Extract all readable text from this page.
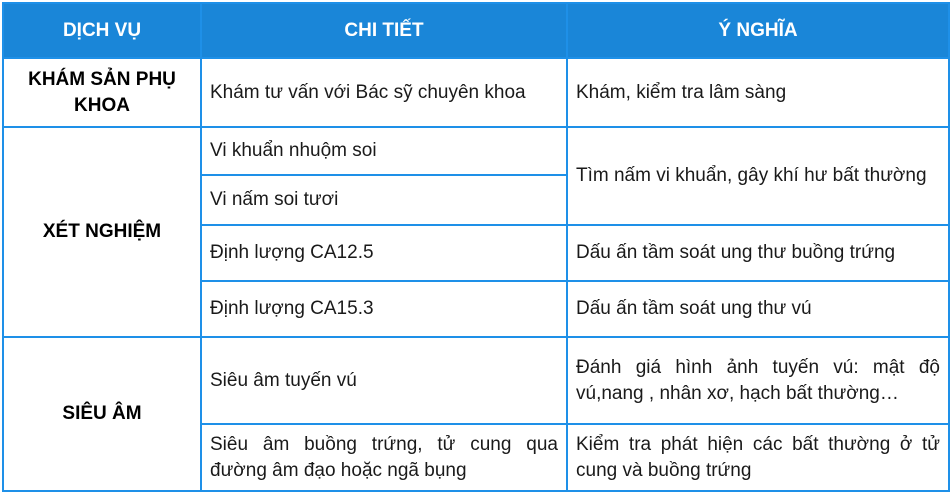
DỊCH VỤ	CHI TIẾT	Ý NGHĨA
KHÁM SẢN PHỤ KHOA	Khám tư vấn với Bác sỹ chuyên khoa	Khám, kiểm tra lâm sàng
XÉT NGHIỆM	Vi khuẩn nhuộm soi	Tìm nấm vi khuẩn, gây khí hư bất thường
	Vi nấm soi tươi	
	Định lượng CA12.5	Dấu ấn tầm soát ung thư buồng trứng
	Định lượng CA15.3	Dấu ấn tầm soát ung thư vú
SIÊU ÂM	Siêu âm tuyến vú	Đánh giá hình ảnh tuyến vú: mật độ vú,nang , nhân xơ, hạch bất thường…
	Siêu âm buồng trứng, tử cung qua đường âm đạo hoặc ngã bụng	Kiểm tra phát hiện các bất thường ở tử cung và buồng trứng
